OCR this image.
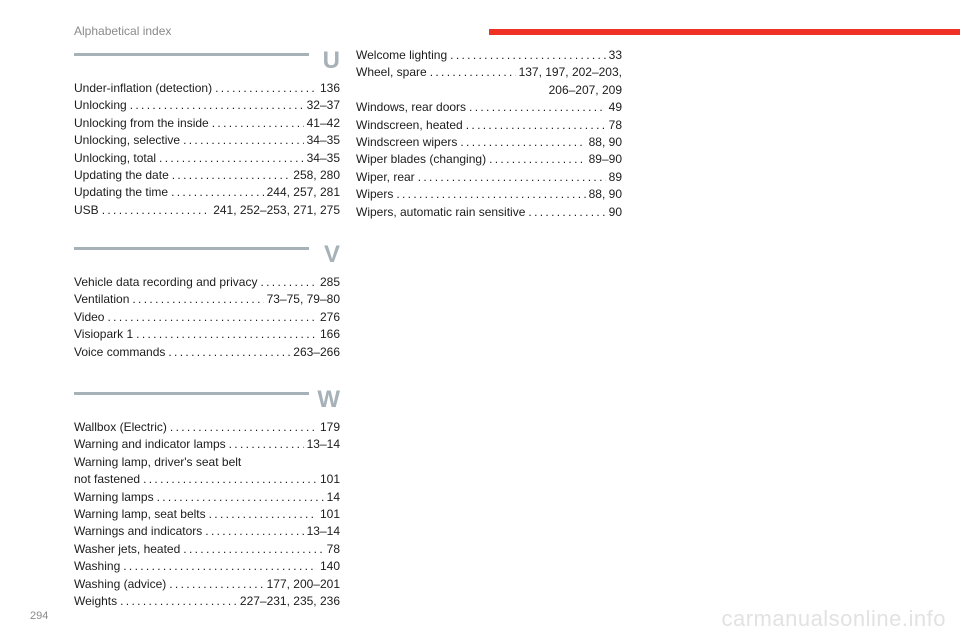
Alphabetical index
U
Under-inflation (detection) . . .	136
Unlocking . . .	32–37
Unlocking from the inside . . .	41–42
Unlocking, selective . . .	34–35
Unlocking, total . . .	34–35
Updating the date . . .	258, 280
Updating the time . . .	244, 257, 281
USB . . .	241, 252–253, 271, 275
V
Vehicle data recording and privacy . . .	285
Ventilation . . .	73–75, 79–80
Video . . .	276
Visiopark 1 . . .	166
Voice commands . . .	263–266
W
Wallbox (Electric) . . .	179
Warning and indicator lamps . . .	13–14
Warning lamp, driver's seat belt
not fastened . . .	101
Warning lamps . . .	14
Warning lamp, seat belts . . .	101
Warnings and indicators . . .	13–14
Washer jets, heated . . .	78
Washing . . .	140
Washing (advice) . . .	177, 200–201
Weights . . .	227–231, 235, 236
Welcome lighting . . .	33
Wheel, spare . . .	137, 197, 202–203,
206–207, 209
Windows, rear doors . . .	49
Windscreen, heated . . .	78
Windscreen wipers . . .	88, 90
Wiper blades (changing) . . .	89–90
Wiper, rear . . .	89
Wipers . . .	88, 90
Wipers, automatic rain sensitive . . .	90
294	carmanualsonline.info
